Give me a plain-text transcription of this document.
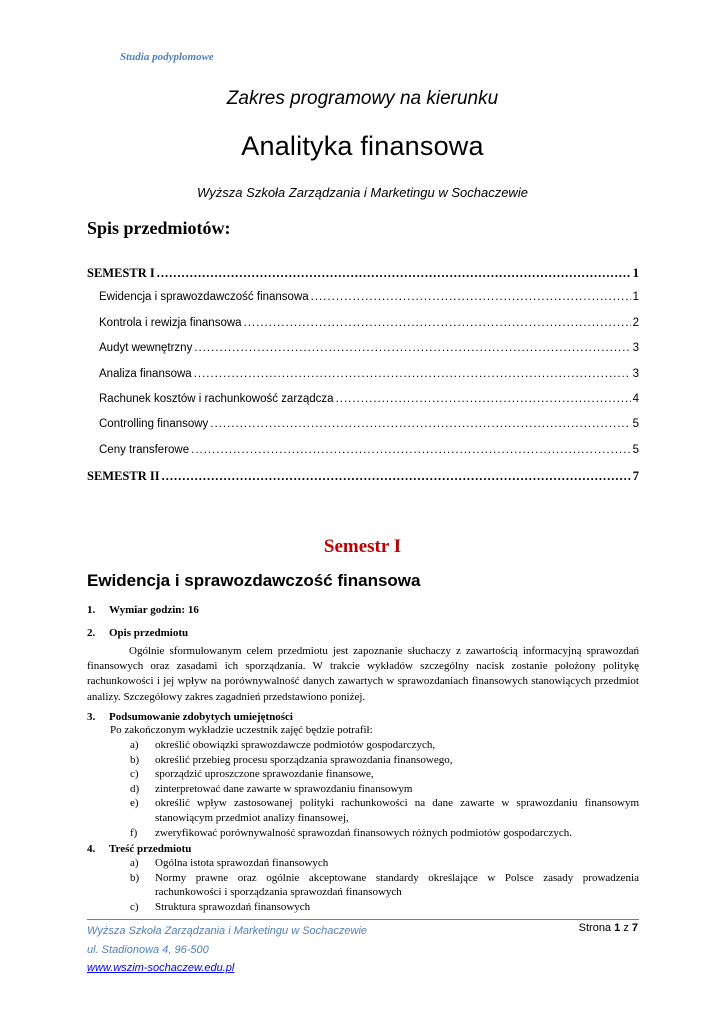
Studia podyplomowe
Zakres programowy na kierunku
Analityka finansowa
Wyższa Szkoła Zarządzania i Marketingu w Sochaczewie
Spis przedmiotów:
SEMESTR I .....	1
Ewidencja i sprawozdawczość finansowa .....	1
Kontrola i rewizja finansowa .....	2
Audyt wewnętrzny .....	3
Analiza finansowa .....	3
Rachunek kosztów i rachunkowość zarządcza .....	4
Controlling finansowy .....	5
Ceny transferowe .....	5
SEMESTR II .....	7
Semestr I
Ewidencja i sprawozdawczość finansowa
1. Wymiar godzin: 16
2. Opis przedmiotu
Ogólnie sformułowanym celem przedmiotu jest zapoznanie słuchaczy z zawartością informacyjną sprawozdań finansowych oraz zasadami ich sporządzania. W trakcie wykładów szczególny nacisk zostanie położony politykę rachunkowości i jej wpływ na porównywalność danych zawartych w sprawozdaniach finansowych stanowiących przedmiot analizy. Szczegółowy zakres zagadnień przedstawiono poniżej.
3. Podsumowanie zdobytych umiejętności
Po zakończonym wykładzie uczestnik zajęć będzie potrafił:
a)	określić obowiązki sprawozdawcze podmiotów gospodarczych,
b)	określić przebieg procesu sporządzania sprawozdania finansowego,
c)	sporządzić uproszczone sprawozdanie finansowe,
d)	zinterpretować dane zawarte w sprawozdaniu finansowym
e)	określić wpływ zastosowanej polityki rachunkowości na dane zawarte w sprawozdaniu finansowym stanowiącym przedmiot analizy finansowej,
f)	zweryfikować porównywalność sprawozdań finansowych różnych podmiotów gospodarczych.
4. Treść przedmiotu
a)	Ogólna istota sprawozdań finansowych
b)	Normy prawne oraz ogólnie akceptowane standardy określające w Polsce zasady prowadzenia rachunkowości i sporządzania sprawozdań finansowych
c)	Struktura sprawozdań finansowych
Wyższa Szkoła Zarządzania i Marketingu w Sochaczewie
ul. Stadionowa 4, 96-500
www.wszim-sochaczew.edu.pl
Strona 1 z 7
